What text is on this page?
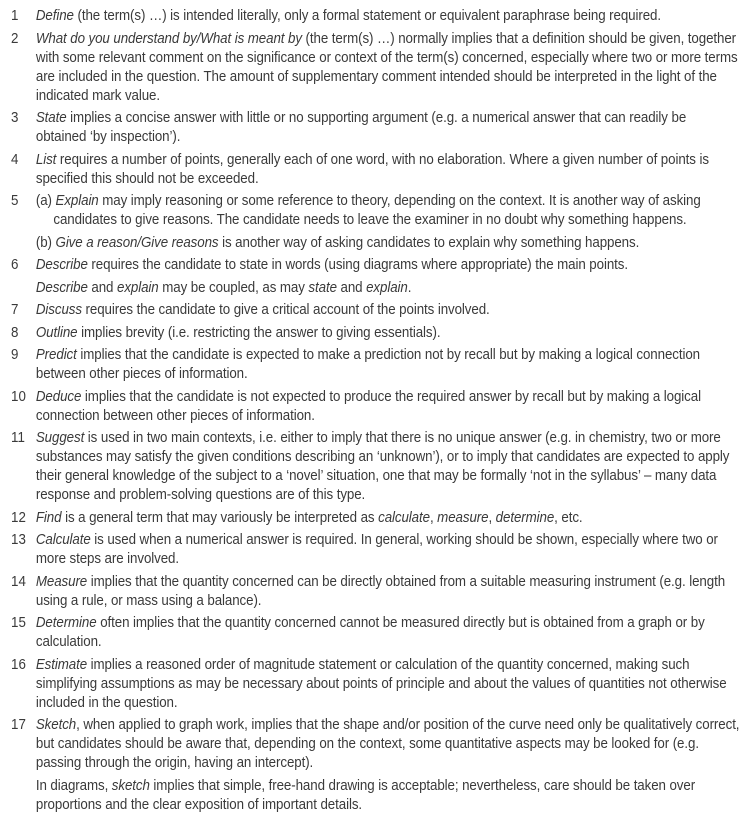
1	Define (the term(s) …) is intended literally, only a formal statement or equivalent paraphrase being required.

2	What do you understand by/What is meant by (the term(s) …) normally implies that a definition should be given, together with some relevant comment on the significance or context of the term(s) concerned, especially where two or more terms are included in the question. The amount of supplementary comment intended should be interpreted in the light of the indicated mark value.

3	State implies a concise answer with little or no supporting argument (e.g. a numerical answer that can readily be obtained ‘by inspection’).

4	List requires a number of points, generally each of one word, with no elaboration. Where a given number of points is specified this should not be exceeded.

5	(a) Explain may imply reasoning or some reference to theory, depending on the context. It is another way of asking candidates to give reasons. The candidate needs to leave the examiner in no doubt why something happens.

(b) Give a reason/Give reasons is another way of asking candidates to explain why something happens.

6	Describe requires the candidate to state in words (using diagrams where appropriate) the main points.

Describe and explain may be coupled, as may state and explain.

7	Discuss requires the candidate to give a critical account of the points involved.

8	Outline implies brevity (i.e. restricting the answer to giving essentials).

9	Predict implies that the candidate is expected to make a prediction not by recall but by making a logical connection between other pieces of information.

10 Deduce implies that the candidate is not expected to produce the required answer by recall but by making a logical connection between other pieces of information.

11 Suggest is used in two main contexts, i.e. either to imply that there is no unique answer (e.g. in chemistry, two or more substances may satisfy the given conditions describing an ‘unknown’), or to imply that candidates are expected to apply their general knowledge of the subject to a ‘novel’ situation, one that may be formally ‘not in the syllabus’ – many data response and problem-solving questions are of this type.

12 Find is a general term that may variously be interpreted as calculate, measure, determine, etc.

13 Calculate is used when a numerical answer is required. In general, working should be shown, especially where two or more steps are involved.

14 Measure implies that the quantity concerned can be directly obtained from a suitable measuring instrument (e.g. length using a rule, or mass using a balance).

15 Determine often implies that the quantity concerned cannot be measured directly but is obtained from a graph or by calculation.

16 Estimate implies a reasoned order of magnitude statement or calculation of the quantity concerned, making such simplifying assumptions as may be necessary about points of principle and about the values of quantities not otherwise included in the question.

17 Sketch, when applied to graph work, implies that the shape and/or position of the curve need only be qualitatively correct, but candidates should be aware that, depending on the context, some quantitative aspects may be looked for (e.g. passing through the origin, having an intercept).

In diagrams, sketch implies that simple, free-hand drawing is acceptable; nevertheless, care should be taken over proportions and the clear exposition of important details.
